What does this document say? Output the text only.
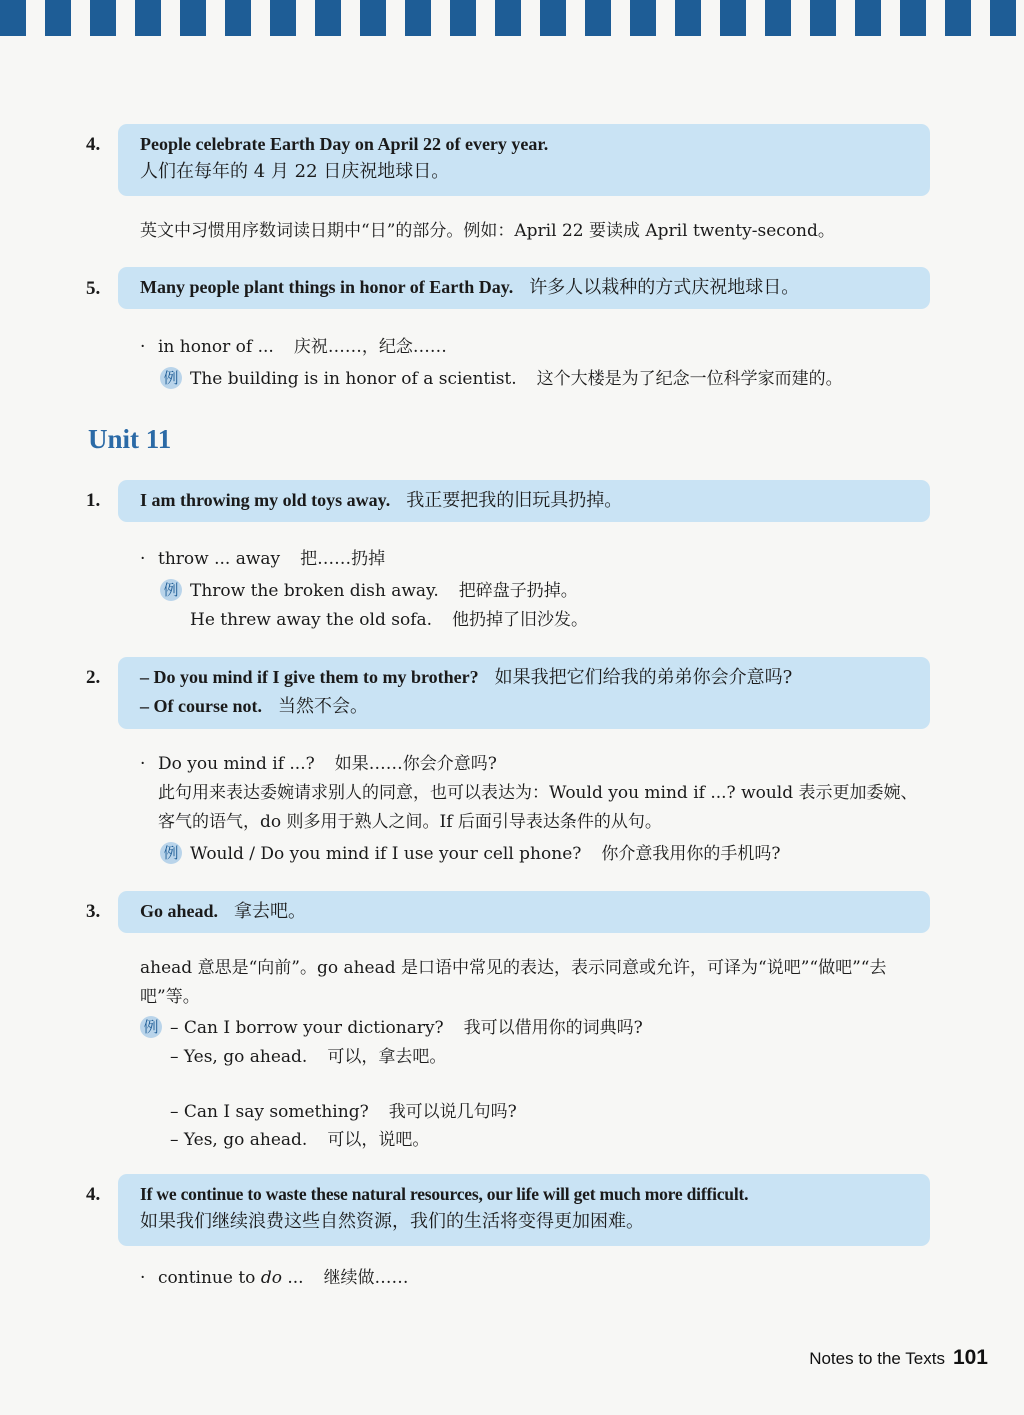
4. People celebrate Earth Day on April 22 of every year.
人们在每年的 4 月 22 日庆祝地球日。
英文中习惯用序数词读日期中“日”的部分。例如：April 22 要读成 April twenty-second。
5.	Many people plant things in honor of Earth Day. 许多人以栽种的方式庆祝地球日。
· in honor of ... 庆祝……，纪念……
例 The building is in honor of a scientist. 这个大楼是为了纪念一位科学家而建的。
Unit 11
1.	I am throwing my old toys away. 我正要把我的旧玩具扔掉。
· throw ... away 把……扔掉
例 Throw the broken dish away. 把碎盘子扔掉。
He threw away the old sofa. 他扔掉了旧沙发。
2. – Do you mind if I give them to my brother? 如果我把它们给我的弟弟你会介意吗?
– Of course not. 当然不会。
· Do you mind if ...? 如果……你会介意吗?
此句用来表达委婉请求别人的同意，也可以表达为：Would you mind if ...? would 表示更加委婉、客气的语气，do 则多用于熟人之间。If 后面引导表达条件的从句。
例 Would / Do you mind if I use your cell phone? 你介意我用你的手机吗?
3.	Go ahead. 拿去吧。
ahead 意思是“向前”。go ahead 是口语中常见的表达，表示同意或允许，可译为“说吧”“做吧”“去吧”等。
例 – Can I borrow your dictionary? 我可以借用你的词典吗?
– Yes, go ahead. 可以，拿去吧。
– Can I say something? 我可以说几句吗?
– Yes, go ahead. 可以，说吧。
4. If we continue to waste these natural resources, our life will get much more difficult.
如果我们继续浪费这些自然资源，我们的生活将变得更加困难。
· continue to do ... 继续做……
Notes to the Texts 101
